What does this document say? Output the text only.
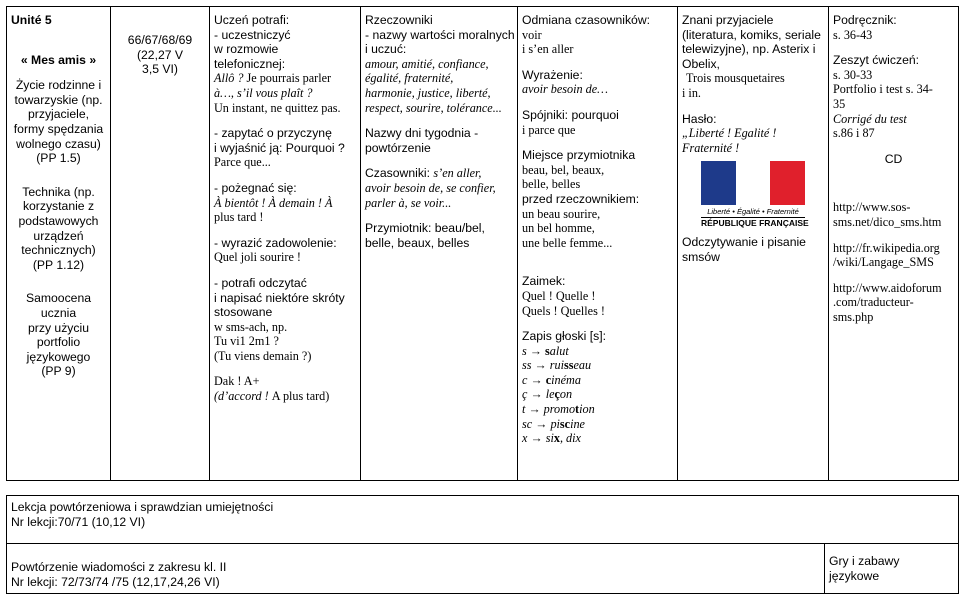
Unité 5
« Mes amis »
Życie rodzinne i
towarzyskie (np.
przyjaciele,
formy spędzania
wolnego czasu)
(PP 1.5)
Technika (np.
korzystanie z
podstawowych
urządzeń
technicznych)
(PP 1.12)
Samoocena
ucznia
przy użyciu
portfolio
językowego
(PP 9)

66/67/68/69
(22,27 V
3,5 VI)

Uczeń potrafi:
- uczestniczyć
w rozmowie
telefonicznej:
Allô ? Je pourrais parler
à…, s’il vous plaît ?
Un instant, ne quittez pas.
- zapytać o przyczynę
i wyjaśnić ją: Pourquoi ?
Parce que...
- pożegnać się:
À bientôt ! À demain ! À
plus tard !
- wyrazić zadowolenie:
Quel joli sourire !
- potrafi odczytać
i napisać niektóre skróty
stosowane
w sms-ach, np.
Tu vi1 2m1 ?
(Tu viens demain ?)
Dak ! A+
(d’accord ! A plus tard)

Rzeczowniki
- nazwy wartości moralnych
i uczuć:
amour, amitié, confiance,
égalité, fraternité,
harmonie, justice, liberté,
respect, sourire, tolérance...
Nazwy dni tygodnia -
powtórzenie
Czasowniki: s’en aller,
avoir besoin de, se confier,
parler à, se voir...
Przymiotnik: beau/bel,
belle, beaux, belles

Odmiana czasowników:
voir
i s’en aller
Wyrażenie:
avoir besoin de…
Spójniki: pourquoi
i parce que
Miejsce przymiotnika
beau, bel, beaux,
belle, belles
przed rzeczownikiem:
un beau sourire,
un bel homme,
une belle femme...
Zaimek:
Quel ! Quelle !
Quels ! Quelles !
Zapis głoski [s]:
s → salut
ss → ruisseau
c → cinéma
ç → leçon
t → promotion
sc → piscine
x → six, dix

Znani przyjaciele
(literatura, komiks, seriale
telewizyjne), np. Asterix i
Obelix,
Trois mousquetaires
i in.
Hasło:
„Liberté ! Egalité !
Fraternité !
Liberté • Égalité • Fraternité
RÉPUBLIQUE FRANÇAISE
Odczytywanie i pisanie
smsów

Podręcznik:
s. 36-43
Zeszyt ćwiczeń:
s. 30-33
Portfolio i test s. 34-
35
Corrigé du test
s.86 i 87
CD
http://www.sos-
sms.net/dico_sms.htm
http://fr.wikipedia.org
/wiki/Langage_SMS
http://www.aidoforum
.com/traducteur-
sms.php
Lekcja powtórzeniowa i sprawdzian umiejętności
Nr lekcji:70/71 (10,12 VI)

Powtórzenie wiadomości z zakresu kl. II
Nr lekcji: 72/73/74 /75 (12,17,24,26 VI)

Gry i zabawy
językowe
